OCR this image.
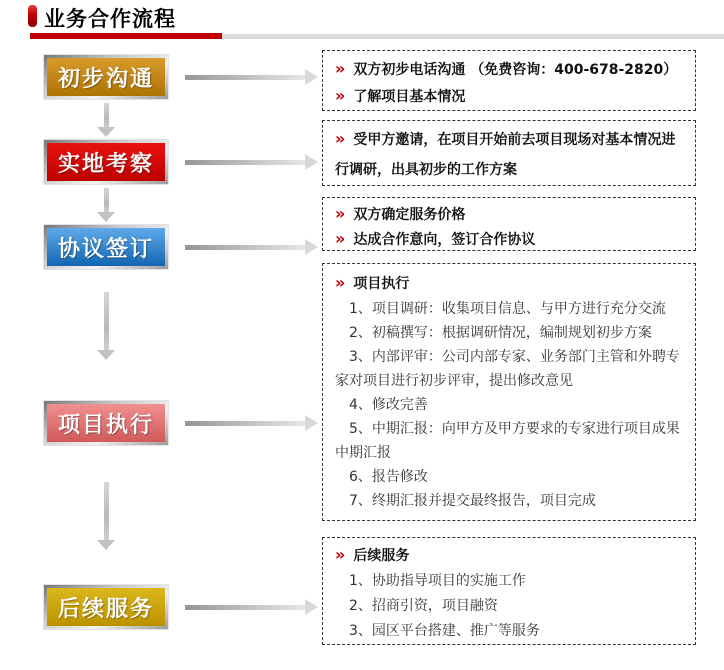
业务合作流程
初步沟通
实地考察
协议签订
项目执行
后续服务
» 双方初步电话沟通 （免费咨询：400-678-2820）
» 了解项目基本情况
» 受甲方邀请，在项目开始前去项目现场对基本情况进行调研，出具初步的工作方案
» 双方确定服务价格
» 达成合作意向，签订合作协议
» 项目执行
1、项目调研：收集项目信息、与甲方进行充分交流
2、初稿撰写：根据调研情况，编制规划初步方案
3、内部评审：公司内部专家、业务部门主管和外聘专家对项目进行初步评审，提出修改意见
4、修改完善
5、中期汇报：向甲方及甲方要求的专家进行项目成果中期汇报
6、报告修改
7、终期汇报并提交最终报告，项目完成
» 后续服务
1、协助指导项目的实施工作
2、招商引资，项目融资
3、园区平台搭建、推广等服务
